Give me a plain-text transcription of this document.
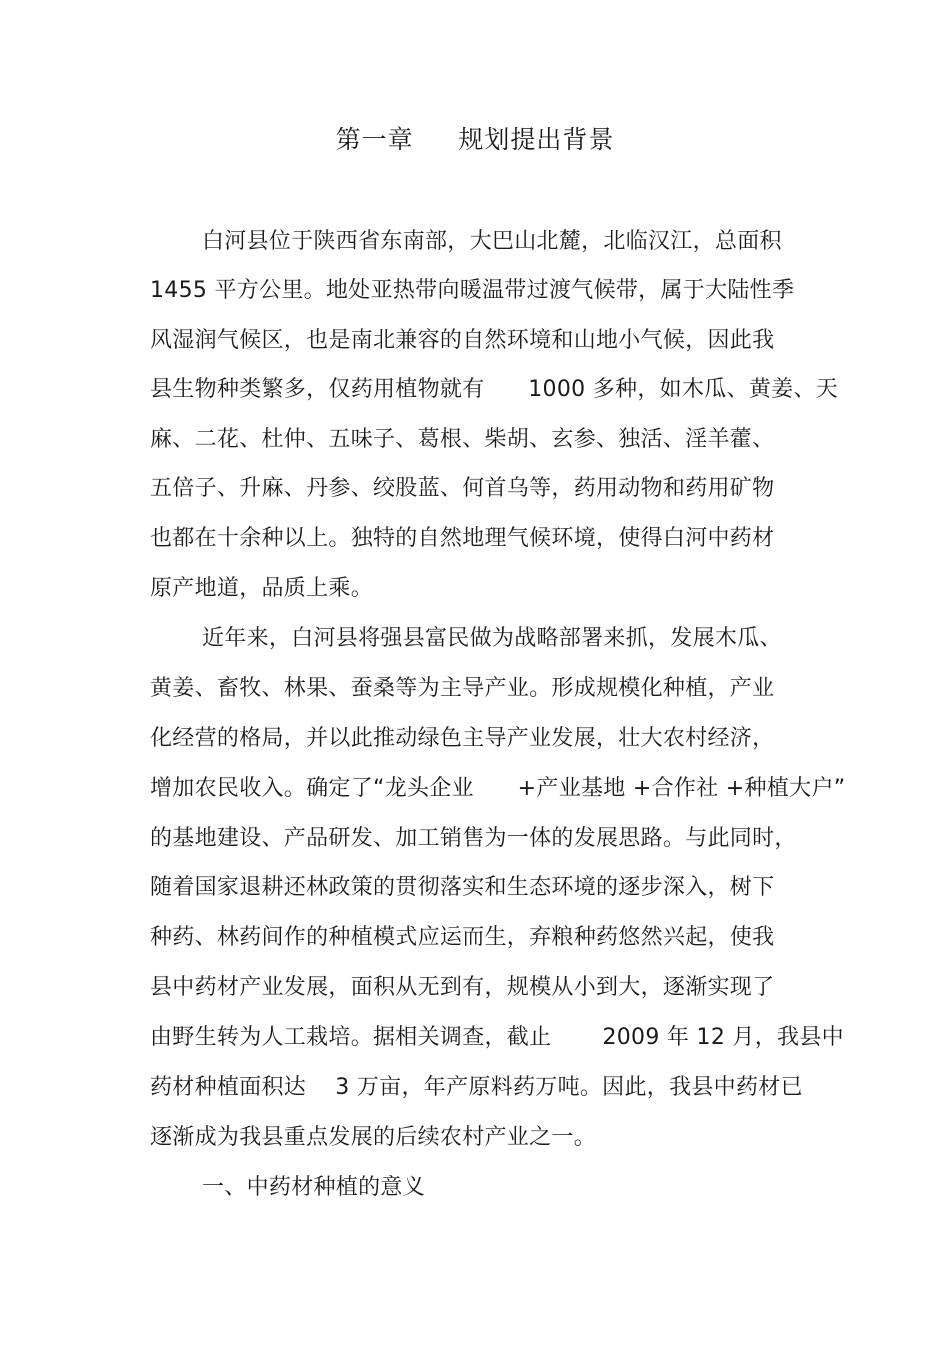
第一章     规划提出背景
白河县位于陕西省东南部，大巴山北麓，北临汉江，总面积
1455 平方公里。地处亚热带向暖温带过渡气候带，属于大陆性季
风湿润气候区，也是南北兼容的自然环境和山地小气候，因此我
县生物种类繁多，仅药用植物就有      1000 多种，如木瓜、黄姜、天
麻、二花、杜仲、五味子、葛根、柴胡、玄参、独活、淫羊藿、
五倍子、升麻、丹参、绞股蓝、何首乌等，药用动物和药用矿物
也都在十余种以上。独特的自然地理气候环境，使得白河中药材
原产地道，品质上乘。
近年来，白河县将强县富民做为战略部署来抓，发展木瓜、
黄姜、畜牧、林果、蚕桑等为主导产业。形成规模化种植，产业
化经营的格局，并以此推动绿色主导产业发展，壮大农村经济，
增加农民收入。确定了“龙头企业      +产业基地 +合作社 +种植大户”
的基地建设、产品研发、加工销售为一体的发展思路。与此同时，
随着国家退耕还林政策的贯彻落实和生态环境的逐步深入，树下
种药、林药间作的种植模式应运而生，弃粮种药悠然兴起，使我
县中药材产业发展，面积从无到有，规模从小到大，逐渐实现了
由野生转为人工栽培。据相关调查，截止       2009 年 12 月，我县中
药材种植面积达    3 万亩，年产原料药万吨。因此，我县中药材已
逐渐成为我县重点发展的后续农村产业之一。
一、中药材种植的意义
